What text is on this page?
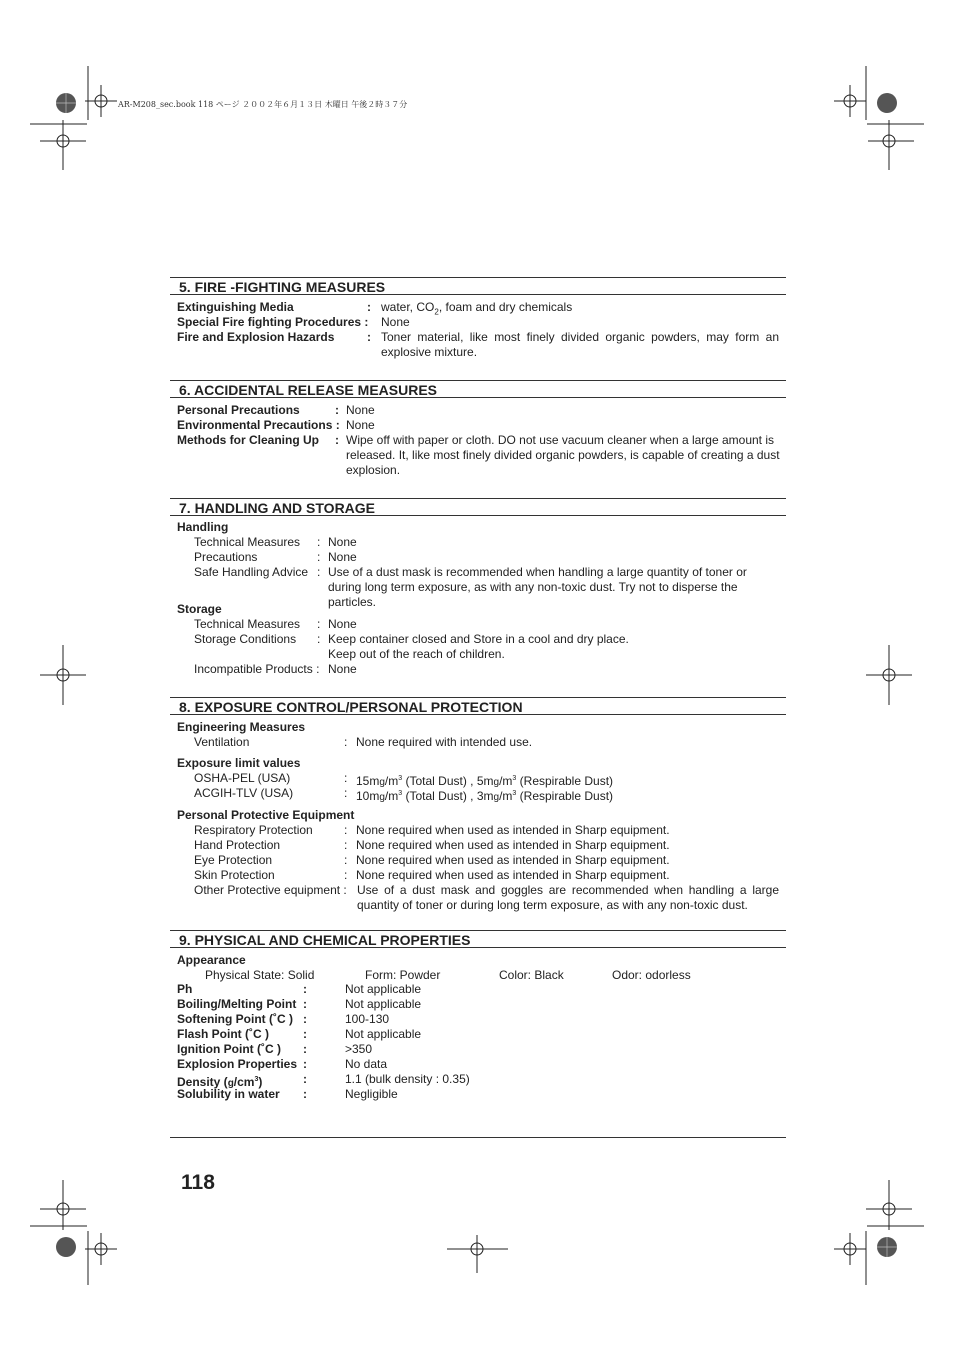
AR-M208_sec.book 118 ページ ２００２年６月１３日 木曜日 午後２時３７分
5. FIRE -FIGHTING MEASURES
Extinguishing Media	: water, $CO_2$, foam and dry chemicals
Special Fire fighting Procedures : None
Fire and Explosion Hazards	: Toner material, like most finely divided organic powders, may form an explosive mixture.
6. ACCIDENTAL RELEASE MEASURES
Personal Precautions	: None
Environmental Precautions : None
Methods for Cleaning Up : Wipe off with paper or cloth. DO not use vacuum cleaner when a large amount is released. It, like most finely divided organic powders, is capable of creating a dust explosion.
7. HANDLING AND STORAGE
Handling
Technical Measures : None
Precautions	: None
Safe Handling Advice : Use of a dust mask is recommended when handling a large quantity of toner or during long term exposure, as with any non-toxic dust. Try not to disperse the particles.
Storage
Technical Measures : None
Storage Conditions : Keep container closed and Store in a cool and dry place.
Keep out of the reach of children.
Incompatible Products : None
8. EXPOSURE CONTROL/PERSONAL PROTECTION
Engineering Measures
Ventilation	: None required with intended use.
Exposure limit values
OSHA-PEL (USA)	: $15mg/m^3$ (Total Dust) , $5mg/m^3$ (Respirable Dust)
ACGIH-TLV (USA)	: $10mg/m^3$ (Total Dust) , $3mg/m^3$ (Respirable Dust)
Personal Protective Equipment
Respiratory Protection	: None required when used as intended in Sharp equipment.
Hand Protection	: None required when used as intended in Sharp equipment.
Eye Protection	: None required when used as intended in Sharp equipment.
Skin Protection	: None required when used as intended in Sharp equipment.
Other Protective equipment : Use of a dust mask and goggles are recommended when handling a large quantity of toner or during long term exposure, as with any non-toxic dust.
9. PHYSICAL AND CHEMICAL PROPERTIES
Appearance
Physical State: Solid	Form: Powder	Color: Black	Odor: odorless
Ph	:	Not applicable
Boiling/Melting Point :	Not applicable
Softening Point (˚C ) :	100-130
Flash Point (˚C )	:	Not applicable
Ignition Point (˚C ) :	>350
Explosion Properties :	No data
Density $(g/cm^3)$	:	1.1 (bulk density : 0.35)
Solubility in water :	Negligible
118
